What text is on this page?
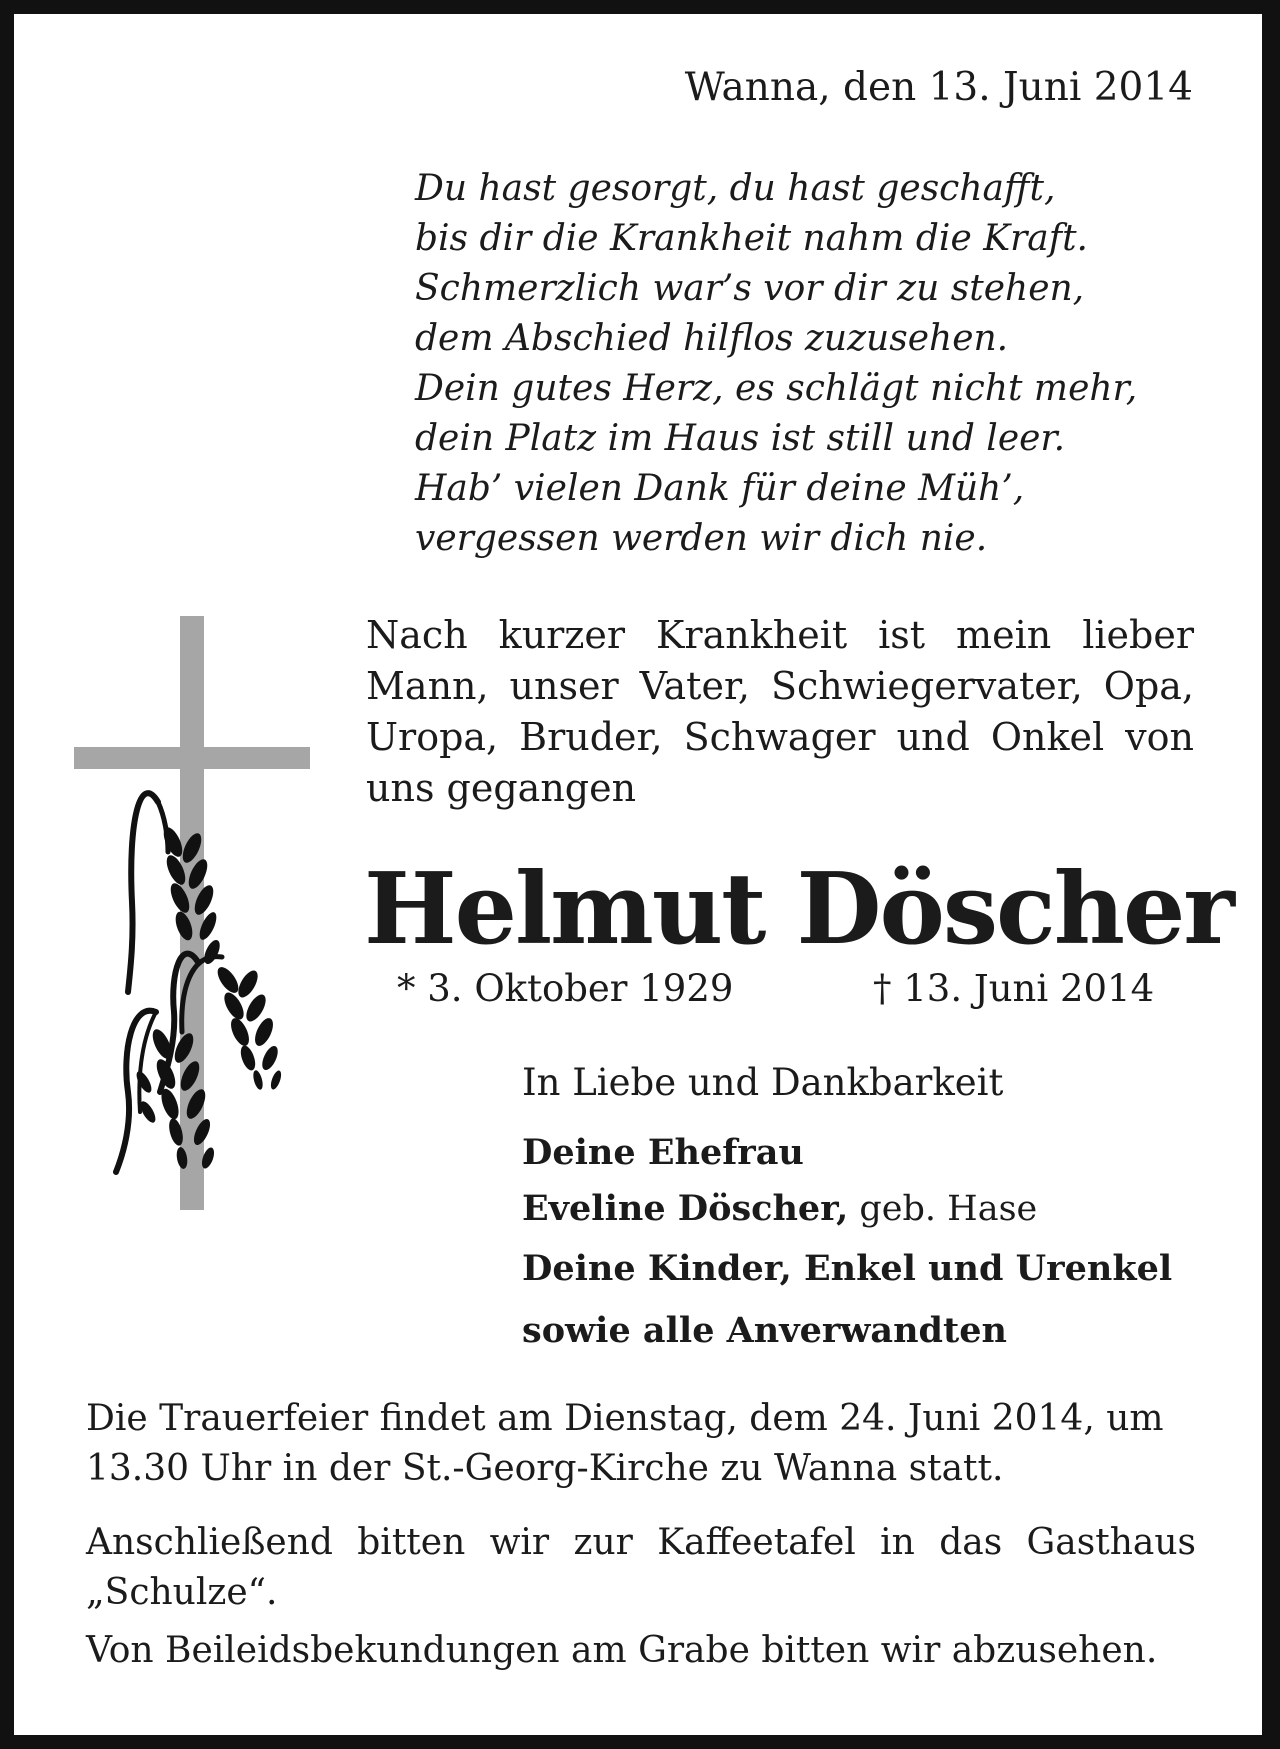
Wanna, den 13. Juni 2014
Du hast gesorgt, du hast geschafft,
bis dir die Krankheit nahm die Kraft.
Schmerzlich war’s vor dir zu stehen,
dem Abschied hilflos zuzusehen.
Dein gutes Herz, es schlägt nicht mehr,
dein Platz im Haus ist still und leer.
Hab’ vielen Dank für deine Müh’,
vergessen werden wir dich nie.
Nach kurzer Krankheit ist mein lieber
Mann, unser Vater, Schwiegervater, Opa,
Uropa, Bruder, Schwager und Onkel von
uns gegangen
Helmut Döscher
* 3. Oktober 1929	† 13. Juni 2014
In Liebe und Dankbarkeit
Deine Ehefrau
Eveline Döscher, geb. Hase
Deine Kinder, Enkel und Urenkel
sowie alle Anverwandten
Die Trauerfeier findet am Dienstag, dem 24. Juni 2014, um
13.30 Uhr in der St.-Georg-Kirche zu Wanna statt.
Anschließend bitten wir zur Kaffeetafel in das Gasthaus
„Schulze“.
Von Beileidsbekundungen am Grabe bitten wir abzusehen.
